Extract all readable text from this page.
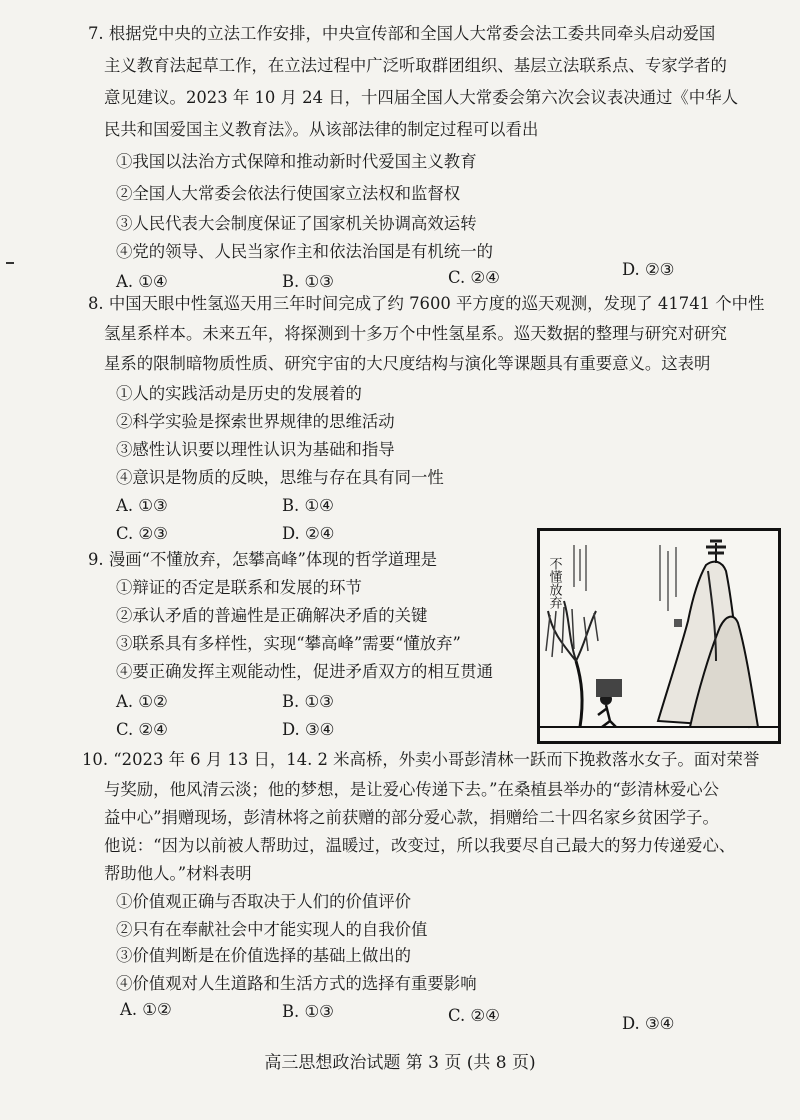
7. 根据党中央的立法工作安排，中央宣传部和全国人大常委会法工委共同牵头启动爱国
主义教育法起草工作，在立法过程中广泛听取群团组织、基层立法联系点、专家学者的
意见建议。2023 年 10 月 24 日，十四届全国人大常委会第六次会议表决通过《中华人
民共和国爱国主义教育法》。从该部法律的制定过程可以看出
①我国以法治方式保障和推动新时代爱国主义教育
②全国人大常委会依法行使国家立法权和监督权
③人民代表大会制度保证了国家机关协调高效运转
④党的领导、人民当家作主和依法治国是有机统一的
A. ①④	B. ①③	C. ②④	D. ②③
8. 中国天眼中性氢巡天用三年时间完成了约 7600 平方度的巡天观测，发现了 41741 个中性
氢星系样本。未来五年，将探测到十多万个中性氢星系。巡天数据的整理与研究对研究
星系的限制暗物质性质、研究宇宙的大尺度结构与演化等课题具有重要意义。这表明
①人的实践活动是历史的发展着的
②科学实验是探索世界规律的思维活动
③感性认识要以理性认识为基础和指导
④意识是物质的反映，思维与存在具有同一性
A. ①③	B. ①④
C. ②③	D. ②④
9. 漫画“不懂放弃，怎攀高峰”体现的哲学道理是
①辩证的否定是联系和发展的环节
②承认矛盾的普遍性是正确解决矛盾的关键
③联系具有多样性，实现“攀高峰”需要“懂放弃”
④要正确发挥主观能动性，促进矛盾双方的相互贯通
A. ①②	B. ①③
C. ②④	D. ③④
不懂放弃
10. “2023 年 6 月 13 日，14. 2 米高桥，外卖小哥彭清林一跃而下挽救落水女子。面对荣誉
与奖励，他风清云淡；他的梦想，是让爱心传递下去。”在桑植县举办的“彭清林爱心公
益中心”捐赠现场，彭清林将之前获赠的部分爱心款，捐赠给二十四名家乡贫困学子。
他说：“因为以前被人帮助过，温暖过，改变过，所以我要尽自己最大的努力传递爱心、
帮助他人。”材料表明
①价值观正确与否取决于人们的价值评价
②只有在奉献社会中才能实现人的自我价值
③价值判断是在价值选择的基础上做出的
④价值观对人生道路和生活方式的选择有重要影响
A. ①②	B. ①③	C. ②④	D. ③④
高三思想政治试题 第 3 页 (共 8 页)
